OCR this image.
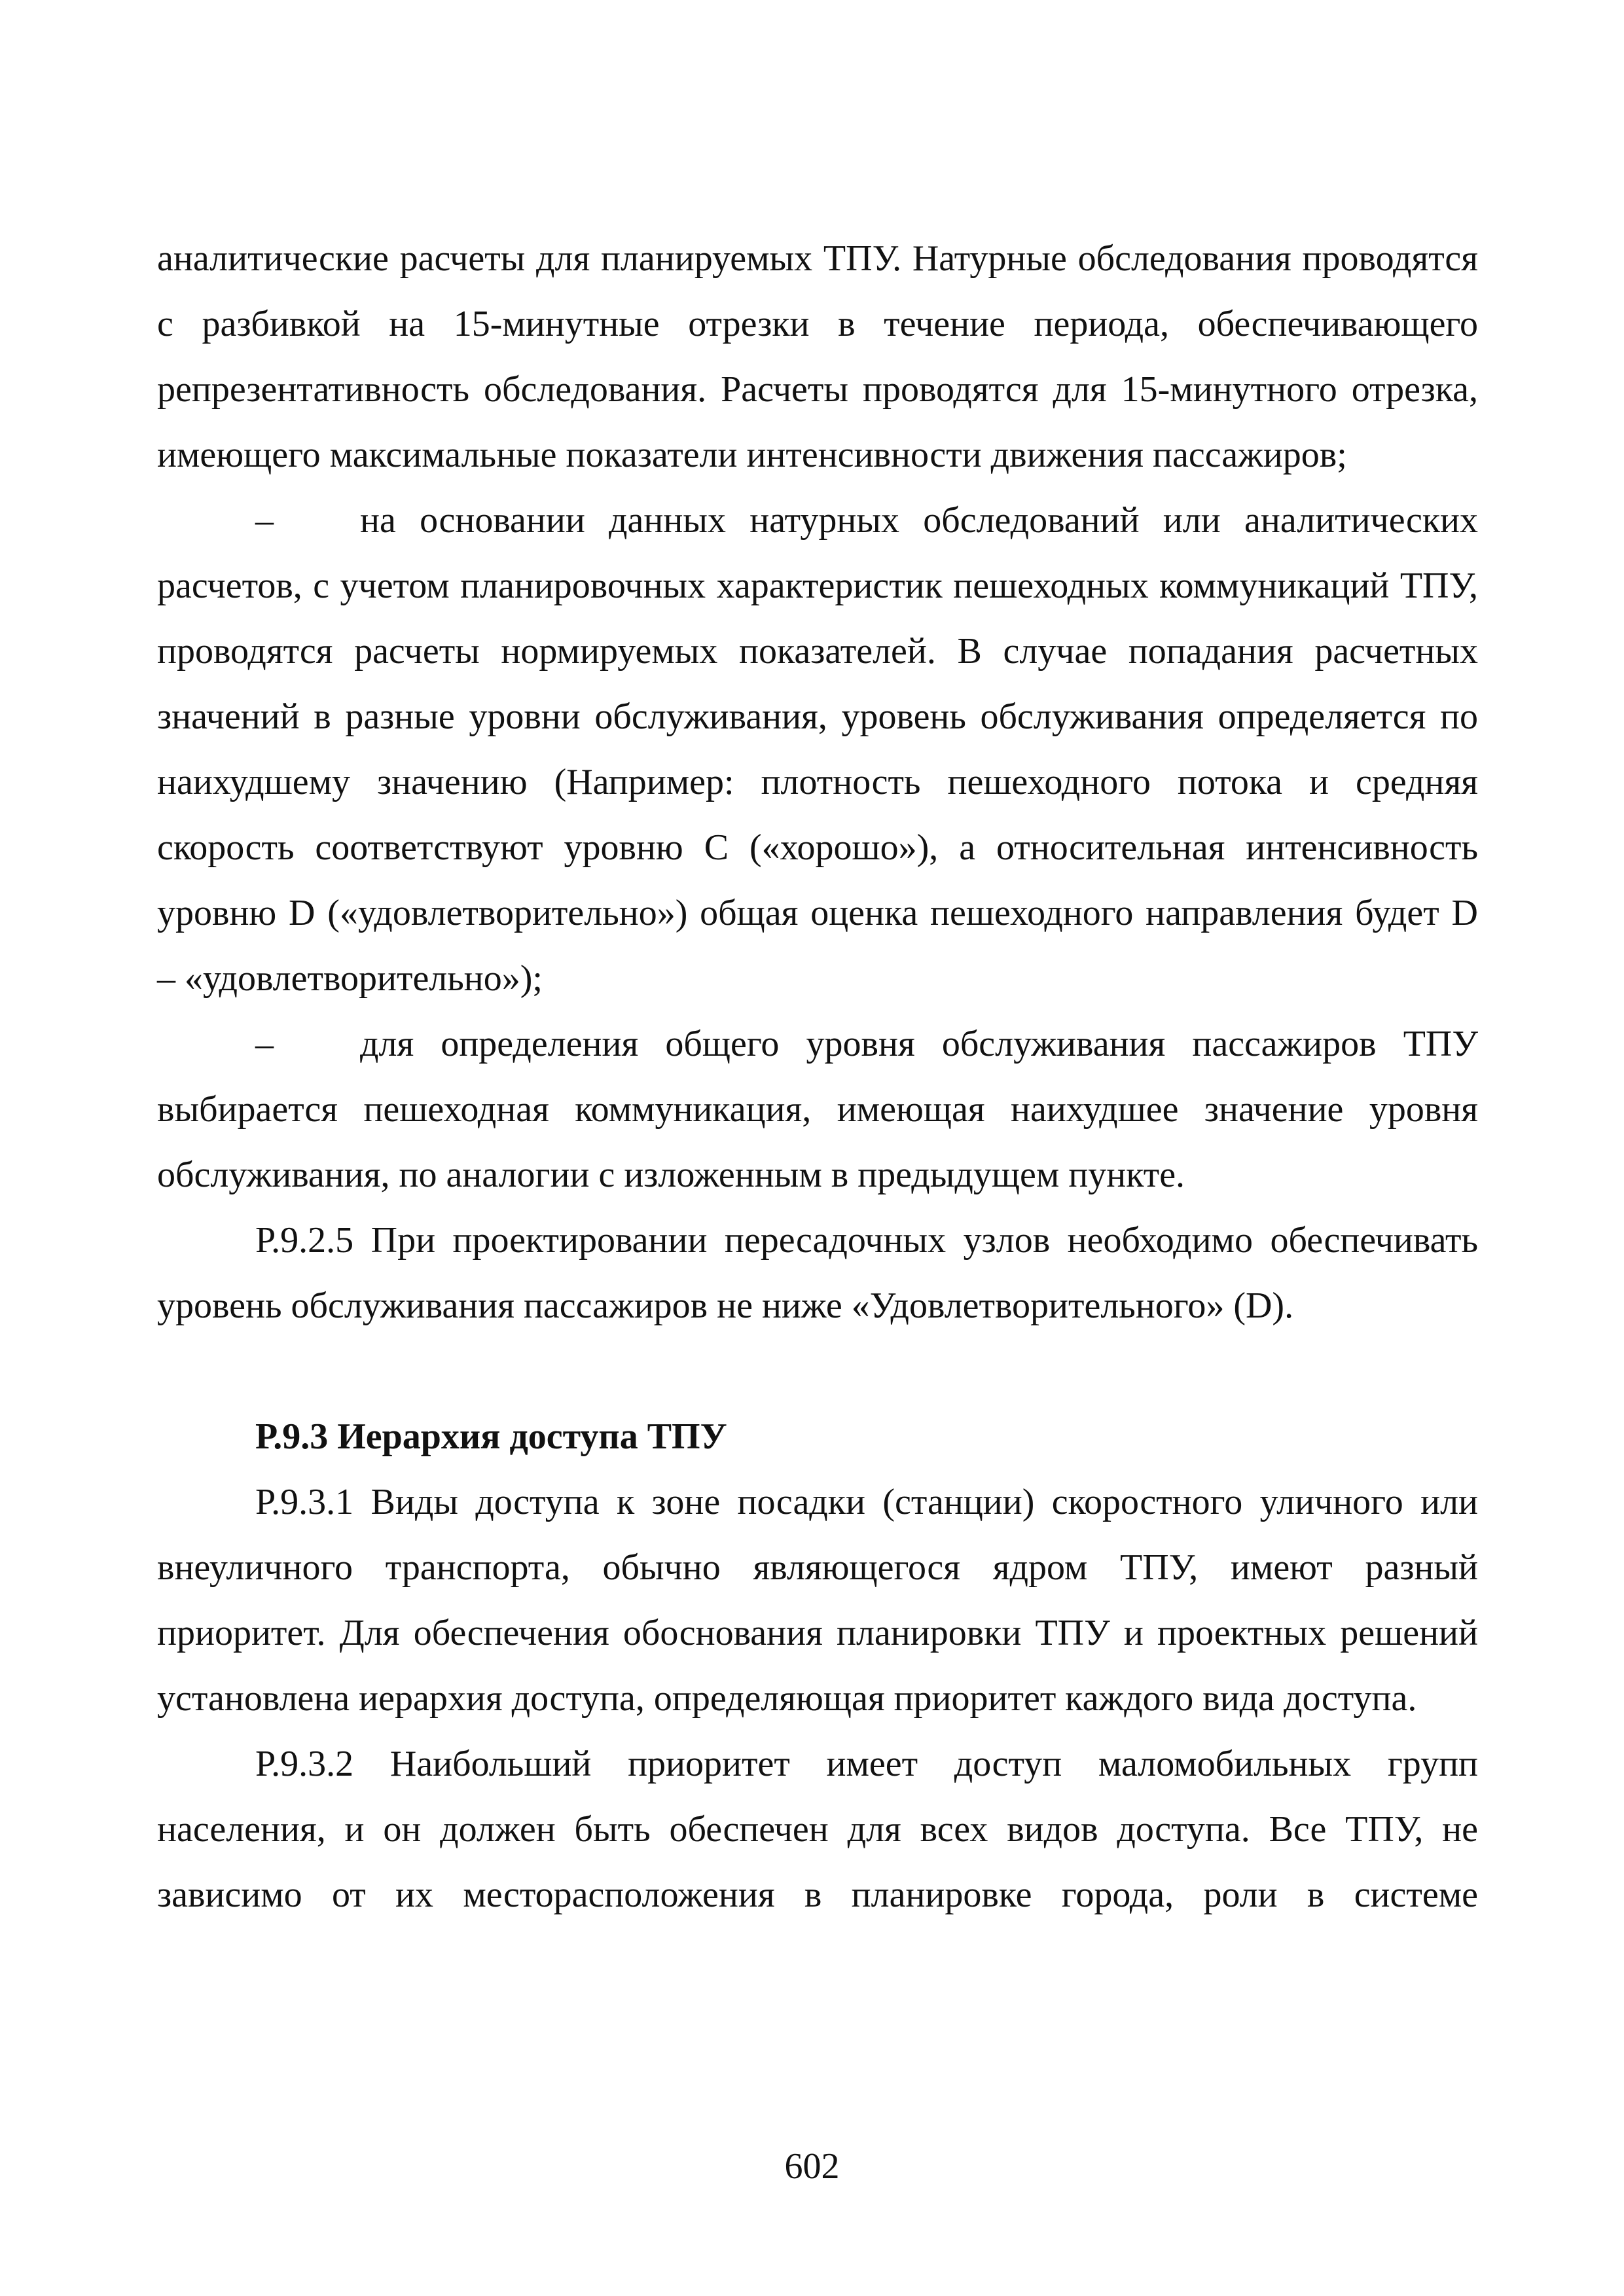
аналитические расчеты для планируемых ТПУ. Натурные обследования проводятся с разбивкой на 15-минутные отрезки в течение периода, обеспечивающего репрезентативность обследования. Расчеты проводятся для 15-минутного отрезка, имеющего максимальные показатели интенсивности движения пассажиров;

– на основании данных натурных обследований или аналитических расчетов, с учетом планировочных характеристик пешеходных коммуникаций ТПУ, проводятся расчеты нормируемых показателей. В случае попадания расчетных значений в разные уровни обслуживания, уровень обслуживания определяется по наихудшему значению (Например: плотность пешеходного потока и средняя скорость соответствуют уровню С («хорошо»), а относительная интенсивность уровню D («удовлетворительно») общая оценка пешеходного направления будет D – «удовлетворительно»);

– для определения общего уровня обслуживания пассажиров ТПУ выбирается пешеходная коммуникация, имеющая наихудшее значение уровня обслуживания, по аналогии с изложенным в предыдущем пункте.

Р.9.2.5 При проектировании пересадочных узлов необходимо обеспечивать уровень обслуживания пассажиров не ниже «Удовлетворительного» (D).

Р.9.3 Иерархия доступа ТПУ

Р.9.3.1 Виды доступа к зоне посадки (станции) скоростного уличного или внеуличного транспорта, обычно являющегося ядром ТПУ, имеют разный приоритет. Для обеспечения обоснования планировки ТПУ и проектных решений установлена иерархия доступа, определяющая приоритет каждого вида доступа.

Р.9.3.2 Наибольший приоритет имеет доступ маломобильных групп населения, и он должен быть обеспечен для всех видов доступа. Все ТПУ, не зависимо от их месторасположения в планировке города, роли в системе

602
